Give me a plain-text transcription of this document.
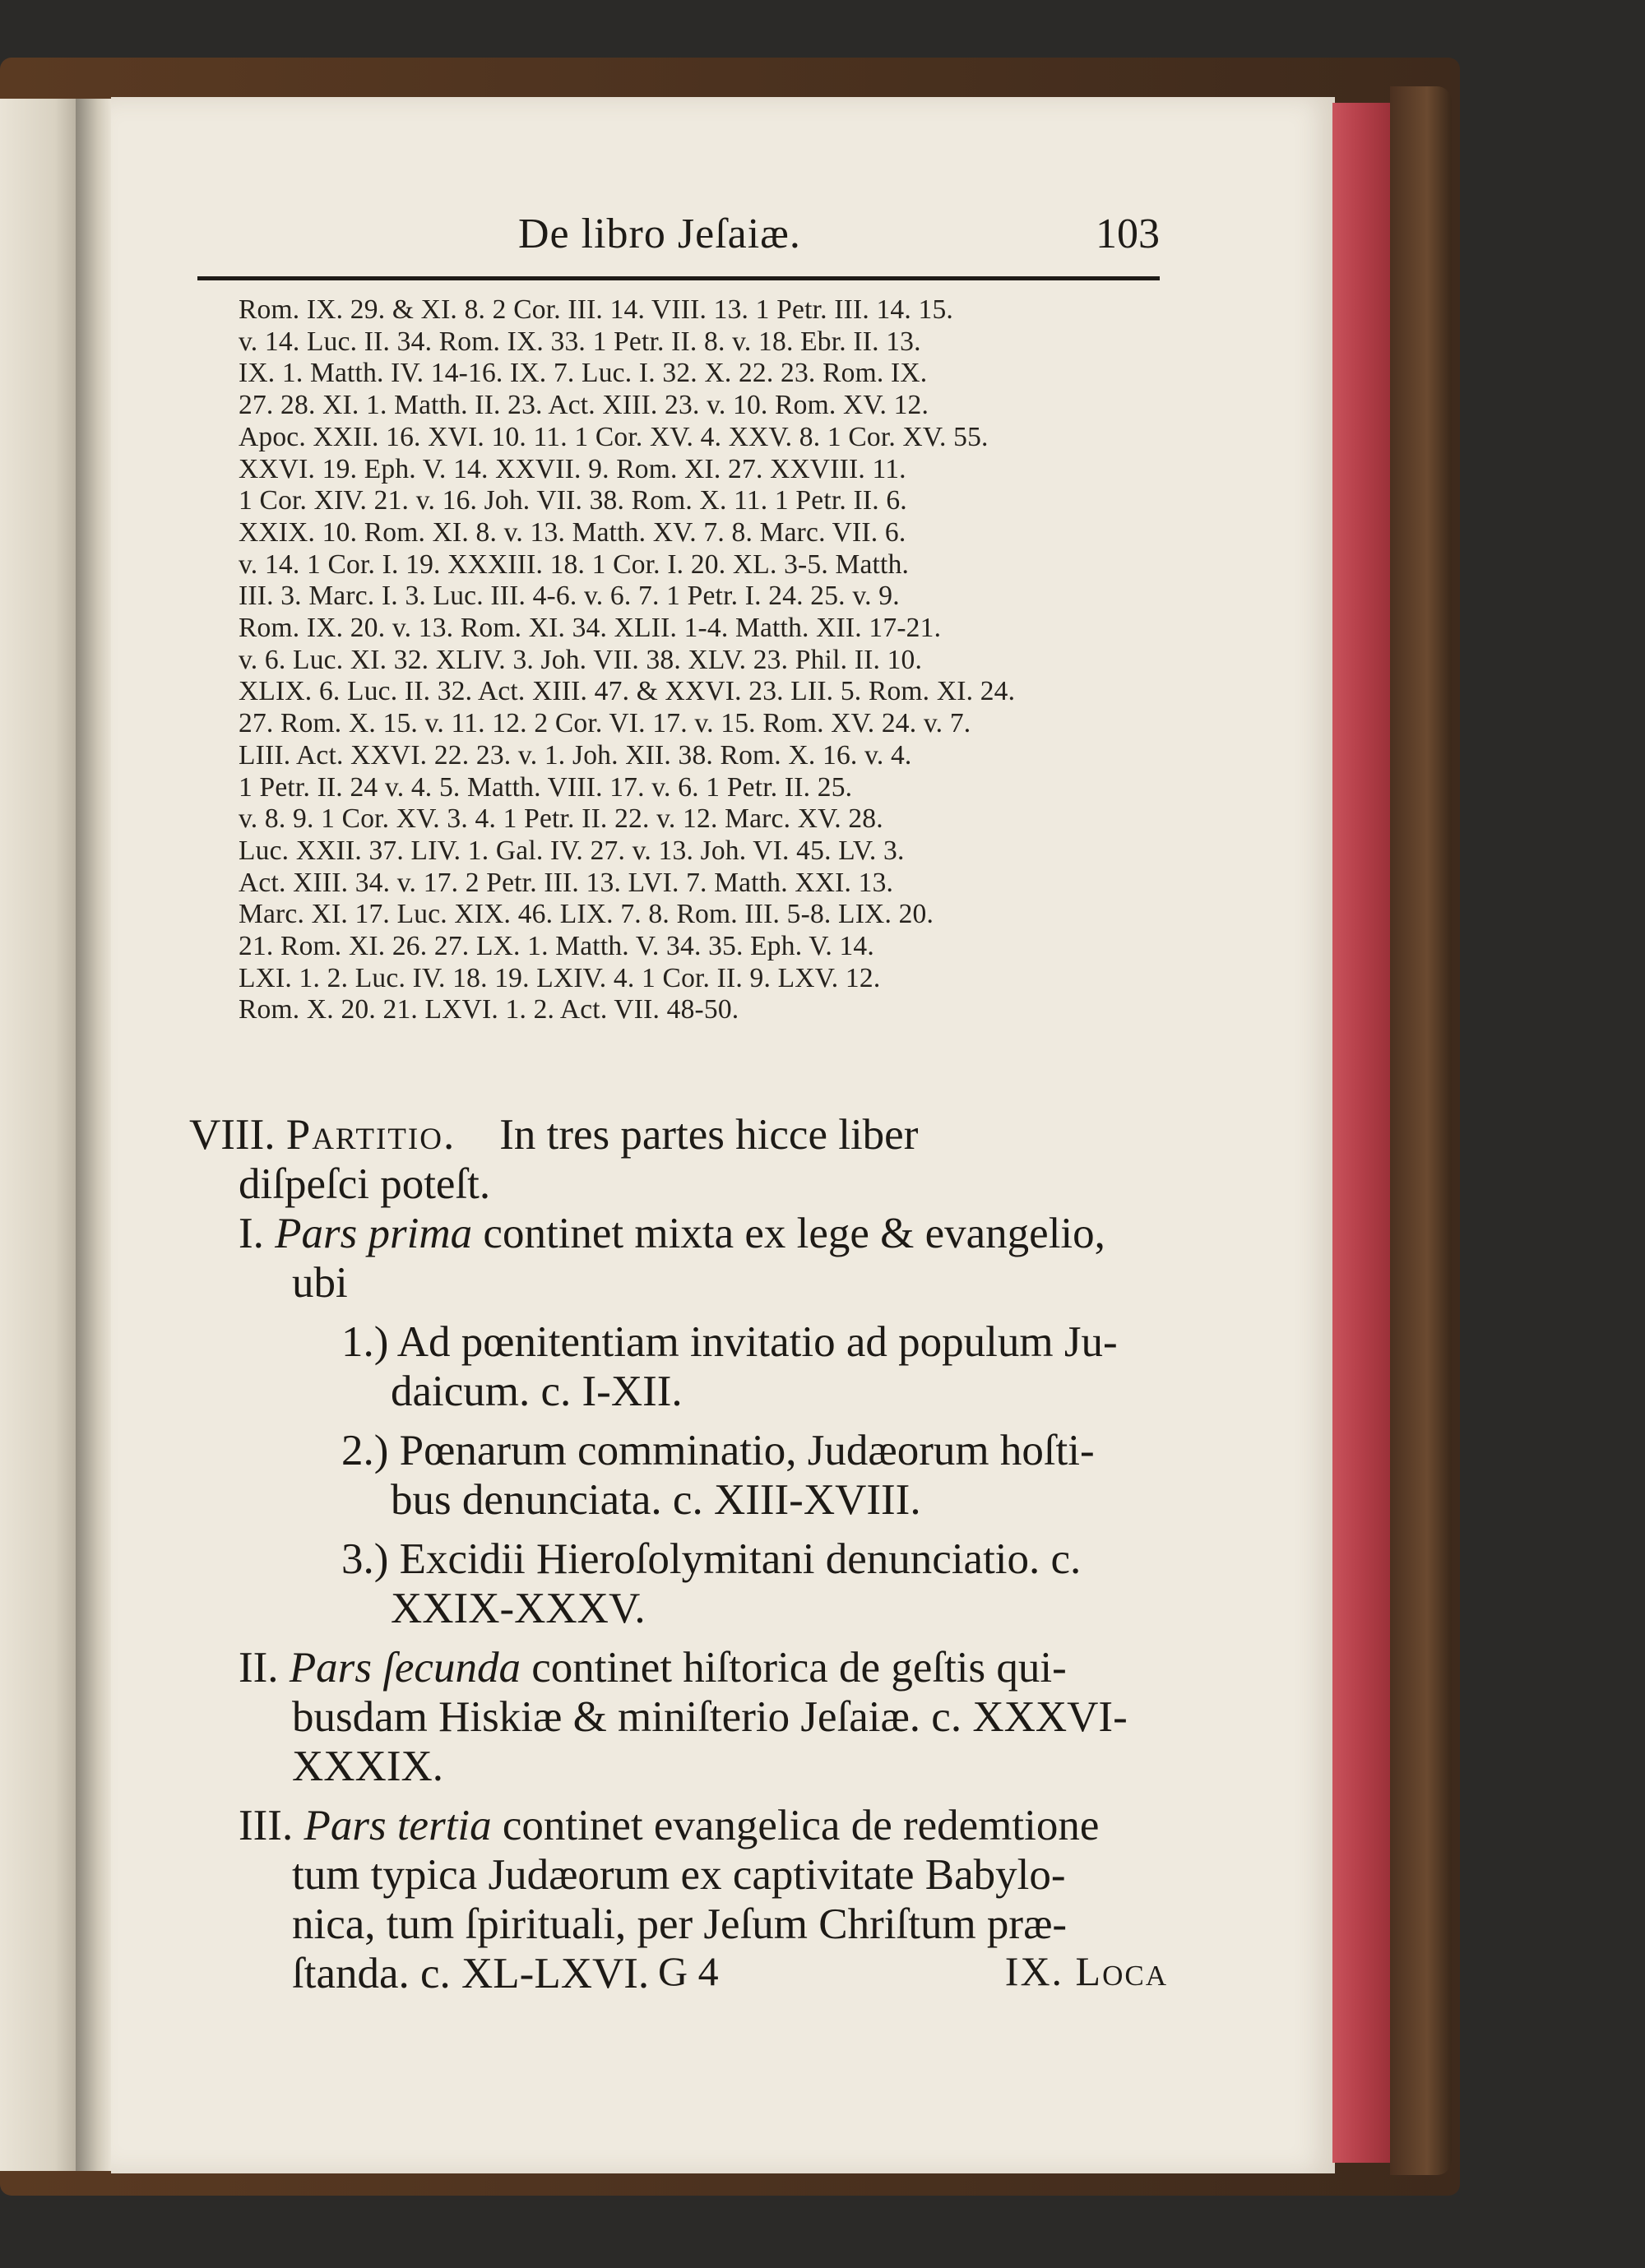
De libro Jeſaiæ.	103
Rom. IX. 29. & XI. 8. 2 Cor. III. 14. VIII. 13. 1 Petr. III. 14. 15.
v. 14. Luc. II. 34. Rom. IX. 33. 1 Petr. II. 8. v. 18. Ebr. II. 13.
IX. 1. Matth. IV. 14-16. IX. 7. Luc. I. 32. X. 22. 23. Rom. IX.
27. 28. XI. 1. Matth. II. 23. Act. XIII. 23. v. 10. Rom. XV. 12.
Apoc. XXII. 16. XVI. 10. 11. 1 Cor. XV. 4. XXV. 8. 1 Cor. XV. 55.
XXVI. 19. Eph. V. 14. XXVII. 9. Rom. XI. 27. XXVIII. 11.
1 Cor. XIV. 21. v. 16. Joh. VII. 38. Rom. X. 11. 1 Petr. II. 6.
XXIX. 10. Rom. XI. 8. v. 13. Matth. XV. 7. 8. Marc. VII. 6.
v. 14. 1 Cor. I. 19. XXXIII. 18. 1 Cor. I. 20. XL. 3-5. Matth.
III. 3. Marc. I. 3. Luc. III. 4-6. v. 6. 7. 1 Petr. I. 24. 25. v. 9.
Rom. IX. 20. v. 13. Rom. XI. 34. XLII. 1-4. Matth. XII. 17-21.
v. 6. Luc. XI. 32. XLIV. 3. Joh. VII. 38. XLV. 23. Phil. II. 10.
XLIX. 6. Luc. II. 32. Act. XIII. 47. & XXVI. 23. LII. 5. Rom. XI. 24.
27. Rom. X. 15. v. 11. 12. 2 Cor. VI. 17. v. 15. Rom. XV. 24. v. 7.
LIII. Act. XXVI. 22. 23. v. 1. Joh. XII. 38. Rom. X. 16. v. 4.
1 Petr. II. 24 v. 4. 5. Matth. VIII. 17. v. 6. 1 Petr. II. 25.
v. 8. 9. 1 Cor. XV. 3. 4. 1 Petr. II. 22. v. 12. Marc. XV. 28.
Luc. XXII. 37. LIV. 1. Gal. IV. 27. v. 13. Joh. VI. 45. LV. 3.
Act. XIII. 34. v. 17. 2 Petr. III. 13. LVI. 7. Matth. XXI. 13.
Marc. XI. 17. Luc. XIX. 46. LIX. 7. 8. Rom. III. 5-8. LIX. 20.
21. Rom. XI. 26. 27. LX. 1. Matth. V. 34. 35. Eph. V. 14.
LXI. 1. 2. Luc. IV. 18. 19. LXIV. 4. 1 Cor. II. 9. LXV. 12.
Rom. X. 20. 21. LXVI. 1. 2. Act. VII. 48-50.
VIII. Partitio. In tres partes hicce liber
diſpeſci poteſt.
I. Pars prima continet mixta ex lege & evangelio,
ubi
1.) Ad pœnitentiam invitatio ad populum Ju-
daicum. c. I-XII.
2.) Pœnarum comminatio, Judæorum hoſti-
bus denunciata. c. XIII-XVIII.
3.) Excidii Hieroſolymitani denunciatio. c.
XXIX-XXXV.
II. Pars ſecunda continet hiſtorica de geſtis qui-
busdam Hiskiæ & miniſterio Jeſaiæ. c. XXXVI-
XXXIX.
III. Pars tertia continet evangelica de redemtione
tum typica Judæorum ex captivitate Babylo-
nica, tum ſpirituali, per Jeſum Chriſtum præ-
ſtanda. c. XL-LXVI. G 4	IX. Loca
